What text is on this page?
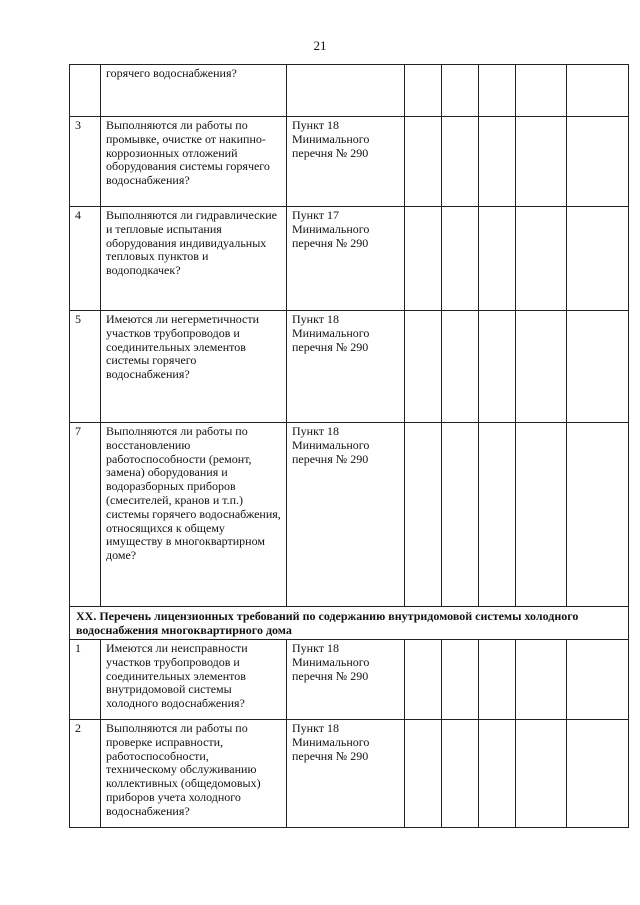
21
	горячего водоснабжения?						
3	Выполняются ли работы по промывке, очистке от накипно-коррозионных отложений оборудования системы горячего водоснабжения?	Пункт 18 Минимального перечня № 290					
4	Выполняются ли гидравлические и тепловые испытания оборудования индивидуальных тепловых пунктов и водоподкачек?	Пункт 17 Минимального перечня № 290					
5	Имеются ли негерметичности участков трубопроводов и соединительных элементов системы горячего водоснабжения?	Пункт 18 Минимального перечня № 290					
7	Выполняются ли работы по восстановлению работоспособности (ремонт, замена) оборудования и водоразборных приборов (смесителей, кранов и т.п.) системы горячего водоснабжения, относящихся к общему имуществу в многоквартирном доме?	Пункт 18 Минимального перечня № 290					
XX. Перечень лицензионных требований по содержанию внутридомовой системы холодного водоснабжения многоквартирного дома							
1	Имеются ли неисправности участков трубопроводов и соединительных элементов внутридомовой системы холодного водоснабжения?	Пункт 18 Минимального перечня № 290					
2	Выполняются ли работы по проверке исправности, работоспособности, техническому обслуживанию коллективных (общедомовых) приборов учета холодного водоснабжения?	Пункт 18 Минимального перечня № 290					
